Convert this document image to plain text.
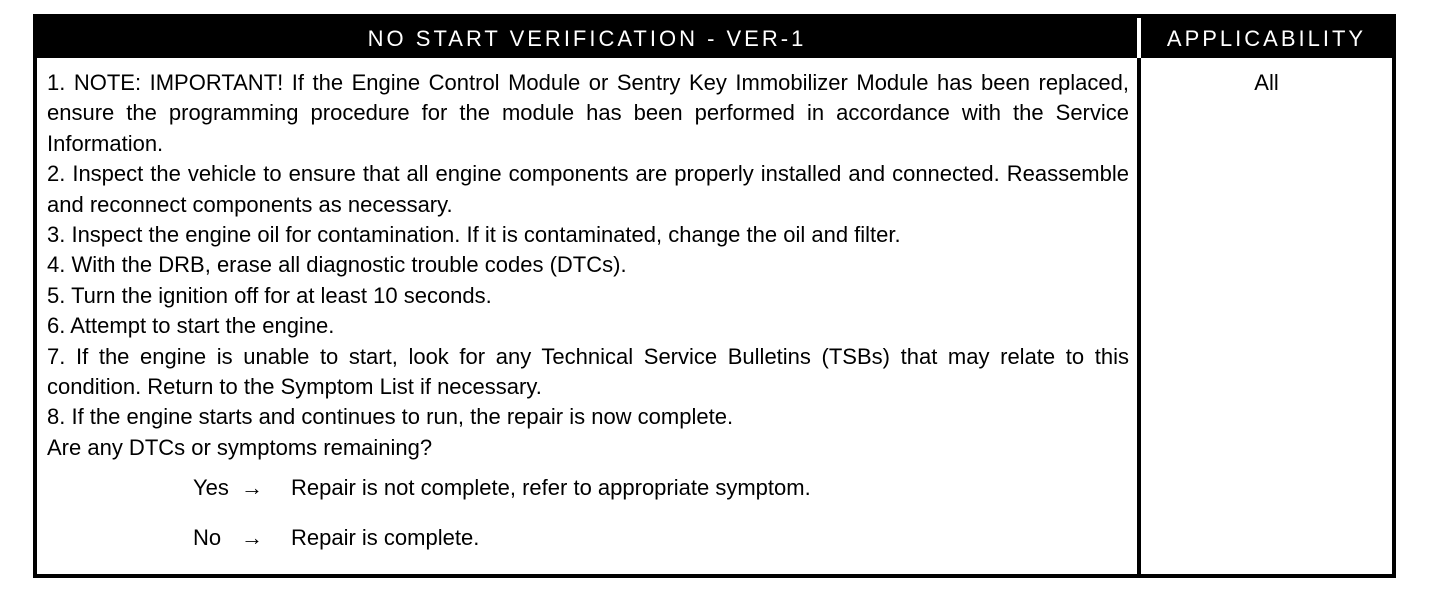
NO START VERIFICATION - VER-1	APPLICABILITY
1. NOTE: IMPORTANT! If the Engine Control Module or Sentry Key Immobilizer Module has been replaced, ensure the programming procedure for the module has been performed in accordance with the Service Information.
2. Inspect the vehicle to ensure that all engine components are properly installed and connected. Reassemble and reconnect components as necessary.
3. Inspect the engine oil for contamination. If it is contaminated, change the oil and filter.
4. With the DRB, erase all diagnostic trouble codes (DTCs).
5. Turn the ignition off for at least 10 seconds.
6. Attempt to start the engine.
7. If the engine is unable to start, look for any Technical Service Bulletins (TSBs) that may relate to this condition. Return to the Symptom List if necessary.
8. If the engine starts and continues to run, the repair is now complete.
Are any DTCs or symptoms remaining?
Yes →	Repair is not complete, refer to appropriate symptom.
No →	Repair is complete.
All
